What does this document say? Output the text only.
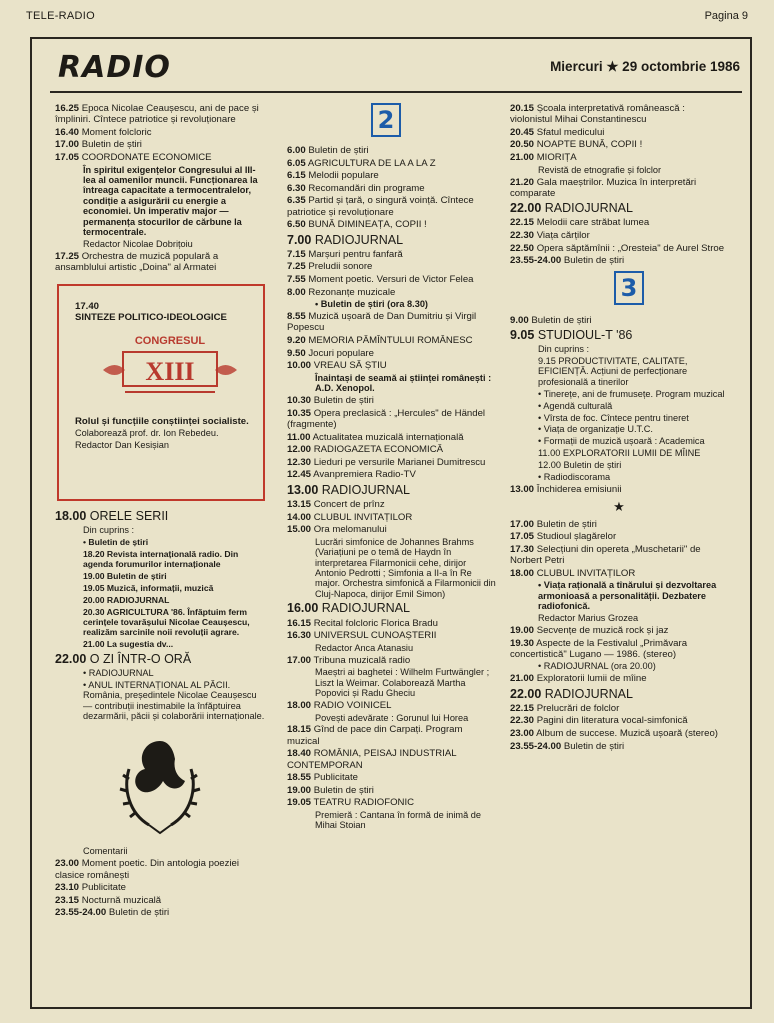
TELE-RADIO	Pagina 9
RADIO	Miercuri ★ 29 octombrie 1986
16.25 Epoca Nicolae Ceaușescu, ani de pace și împliniri. Cîntece patriotice și revoluționare
16.40 Moment folcloric
17.00 Buletin de știri
17.05 COORDONATE ECONOMICE
În spiritul exigențelor Congresului al III-lea al oamenilor muncii. Funcționarea la întreaga capacitate a termocentralelor, condiție a asigurării cu energie a economiei. Un imperativ major — permanența stocurilor de cărbune la termocentrale.
Redactor Nicolae Dobrițoiu
17.25 Orchestra de muzică populară a ansamblului artistic „Doina" al Armatei
17.40
SINTEZE POLITICO-IDEOLOGICE
CONGRESUL
XIII
Rolul și funcțiile conștiinței socialiste.
Colaborează prof. dr. Ion Rebedeu.
Redactor Dan Kesișian
18.00 ORELE SERII
Din cuprins :
• Buletin de știri
18.20 Revista internațională radio. Din agenda forumurilor internaționale
19.00 Buletin de știri
19.05 Muzică, informații, muzică
20.00 RADIOJURNAL
20.30 AGRICULTURA '86. Înfăptuim ferm cerințele tovarășului Nicolae Ceaușescu, realizăm sarcinile noii revoluții agrare.
21.00 La sugestia dv...
22.00 O ZI ÎNTR-O ORĂ
• RADIOJURNAL
• ANUL INTERNAȚIONAL AL PĂCII. România, președintele Nicolae Ceaușescu — contribuții inestimabile la înfăptuirea dezarmării, păcii și colaborării internaționale.
Comentarii
23.00 Moment poetic. Din antologia poeziei clasice românești
23.10 Publicitate
23.15 Nocturnă muzicală
23.55-24.00 Buletin de știri
2
6.00 Buletin de știri
6.05 AGRICULTURA DE LA A LA Z
6.15 Melodii populare
6.30 Recomandări din programe
6.35 Partid și țară, o singură voință. Cîntece patriotice și revoluționare
6.50 BUNĂ DIMINEAȚA, COPII !
7.00 RADIOJURNAL
7.15 Marșuri pentru fanfară
7.25 Preludii sonore
7.55 Moment poetic. Versuri de Victor Felea
8.00 Rezonanțe muzicale
• Buletin de știri (ora 8.30)
8.55 Muzică ușoară de Dan Dumitriu și Virgil Popescu
9.20 MEMORIA PĂMÎNTULUI ROMÂNESC
9.50 Jocuri populare
10.00 VREAU SĂ ȘTIU
Înaintași de seamă ai științei românești : A.D. Xenopol.
10.30 Buletin de știri
10.35 Opera preclasică : „Hercules" de Händel (fragmente)
11.00 Actualitatea muzicală internațională
12.00 RADIOGAZETA ECONOMICĂ
12.30 Lieduri pe versurile Marianei Dumitrescu
12.45 Avanpremiera Radio-TV
13.00 RADIOJURNAL
13.15 Concert de prînz
14.00 CLUBUL INVITAȚILOR
15.00 Ora melomanului
Lucrări simfonice de Johannes Brahms (Variațiuni pe o temă de Haydn în interpretarea Filarmonicii cehe, dirijor Antonio Pedrotti ; Simfonia a II-a în Re major. Orchestra simfonică a Filarmonicii din Cluj-Napoca, dirijor Emil Simon)
16.00 RADIOJURNAL
16.15 Recital folcloric Florica Bradu
16.30 UNIVERSUL CUNOAȘTERII
Redactor Anca Atanasiu
17.00 Tribuna muzicală radio
Maeștri ai baghetei : Wilhelm Furtwängler ; Liszt la Weimar. Colaborează Martha Popovici și Radu Gheciu
18.00 RADIO VOINICEL
Povești adevărate : Gorunul lui Horea
18.15 Gînd de pace din Carpați. Program muzical
18.40 ROMÂNIA, PEISAJ INDUSTRIAL CONTEMPORAN
18.55 Publicitate
19.00 Buletin de știri
19.05 TEATRU RADIOFONIC
Premieră : Cantana în formă de inimă de Mihai Stoian
20.15 Școala interpretativă românească : violonistul Mihai Constantinescu
20.45 Sfatul medicului
20.50 NOAPTE BUNĂ, COPII !
21.00 MIORIȚA
Revistă de etnografie și folclor
21.20 Gala maeștrilor. Muzica în interpretări comparate
22.00 RADIOJURNAL
22.15 Melodii care străbat lumea
22.30 Viața cărților
22.50 Opera săptămînii : „Oresteia" de Aurel Stroe
23.55-24.00 Buletin de știri
3
9.00 Buletin de știri
9.05 STUDIOUL-T '86
Din cuprins :
9.15 PRODUCTIVITATE, CALITATE, EFICIENȚĂ. Acțiuni de perfecționare profesională a tinerilor
• Tinerețe, ani de frumusețe. Program muzical
• Agendă culturală
• Vîrsta de foc. Cîntece pentru tineret
• Viața de organizație U.T.C.
• Formații de muzică ușoară : Academica
11.00 EXPLORATORII LUMII DE MÎINE
12.00 Buletin de știri
• Radiodiscorama
13.00 Închiderea emisiunii
★
17.00 Buletin de știri
17.05 Studioul șlagărelor
17.30 Selecțiuni din opereta „Muschetarii" de Norbert Petri
18.00 CLUBUL INVITAȚILOR
• Viața rațională a tînărului și dezvoltarea armonioasă a personalității. Dezbatere radiofonică.
Redactor Marius Grozea
19.00 Secvențe de muzică rock și jaz
19.30 Aspecte de la Festivalul „Primăvara concertistică" Lugano — 1986. (stereo)
• RADIOJURNAL (ora 20.00)
21.00 Exploratorii lumii de mîine
22.00 RADIOJURNAL
22.15 Prelucrări de folclor
22.30 Pagini din literatura vocal-simfonică
23.00 Album de succese. Muzică ușoară (stereo)
23.55-24.00 Buletin de știri
